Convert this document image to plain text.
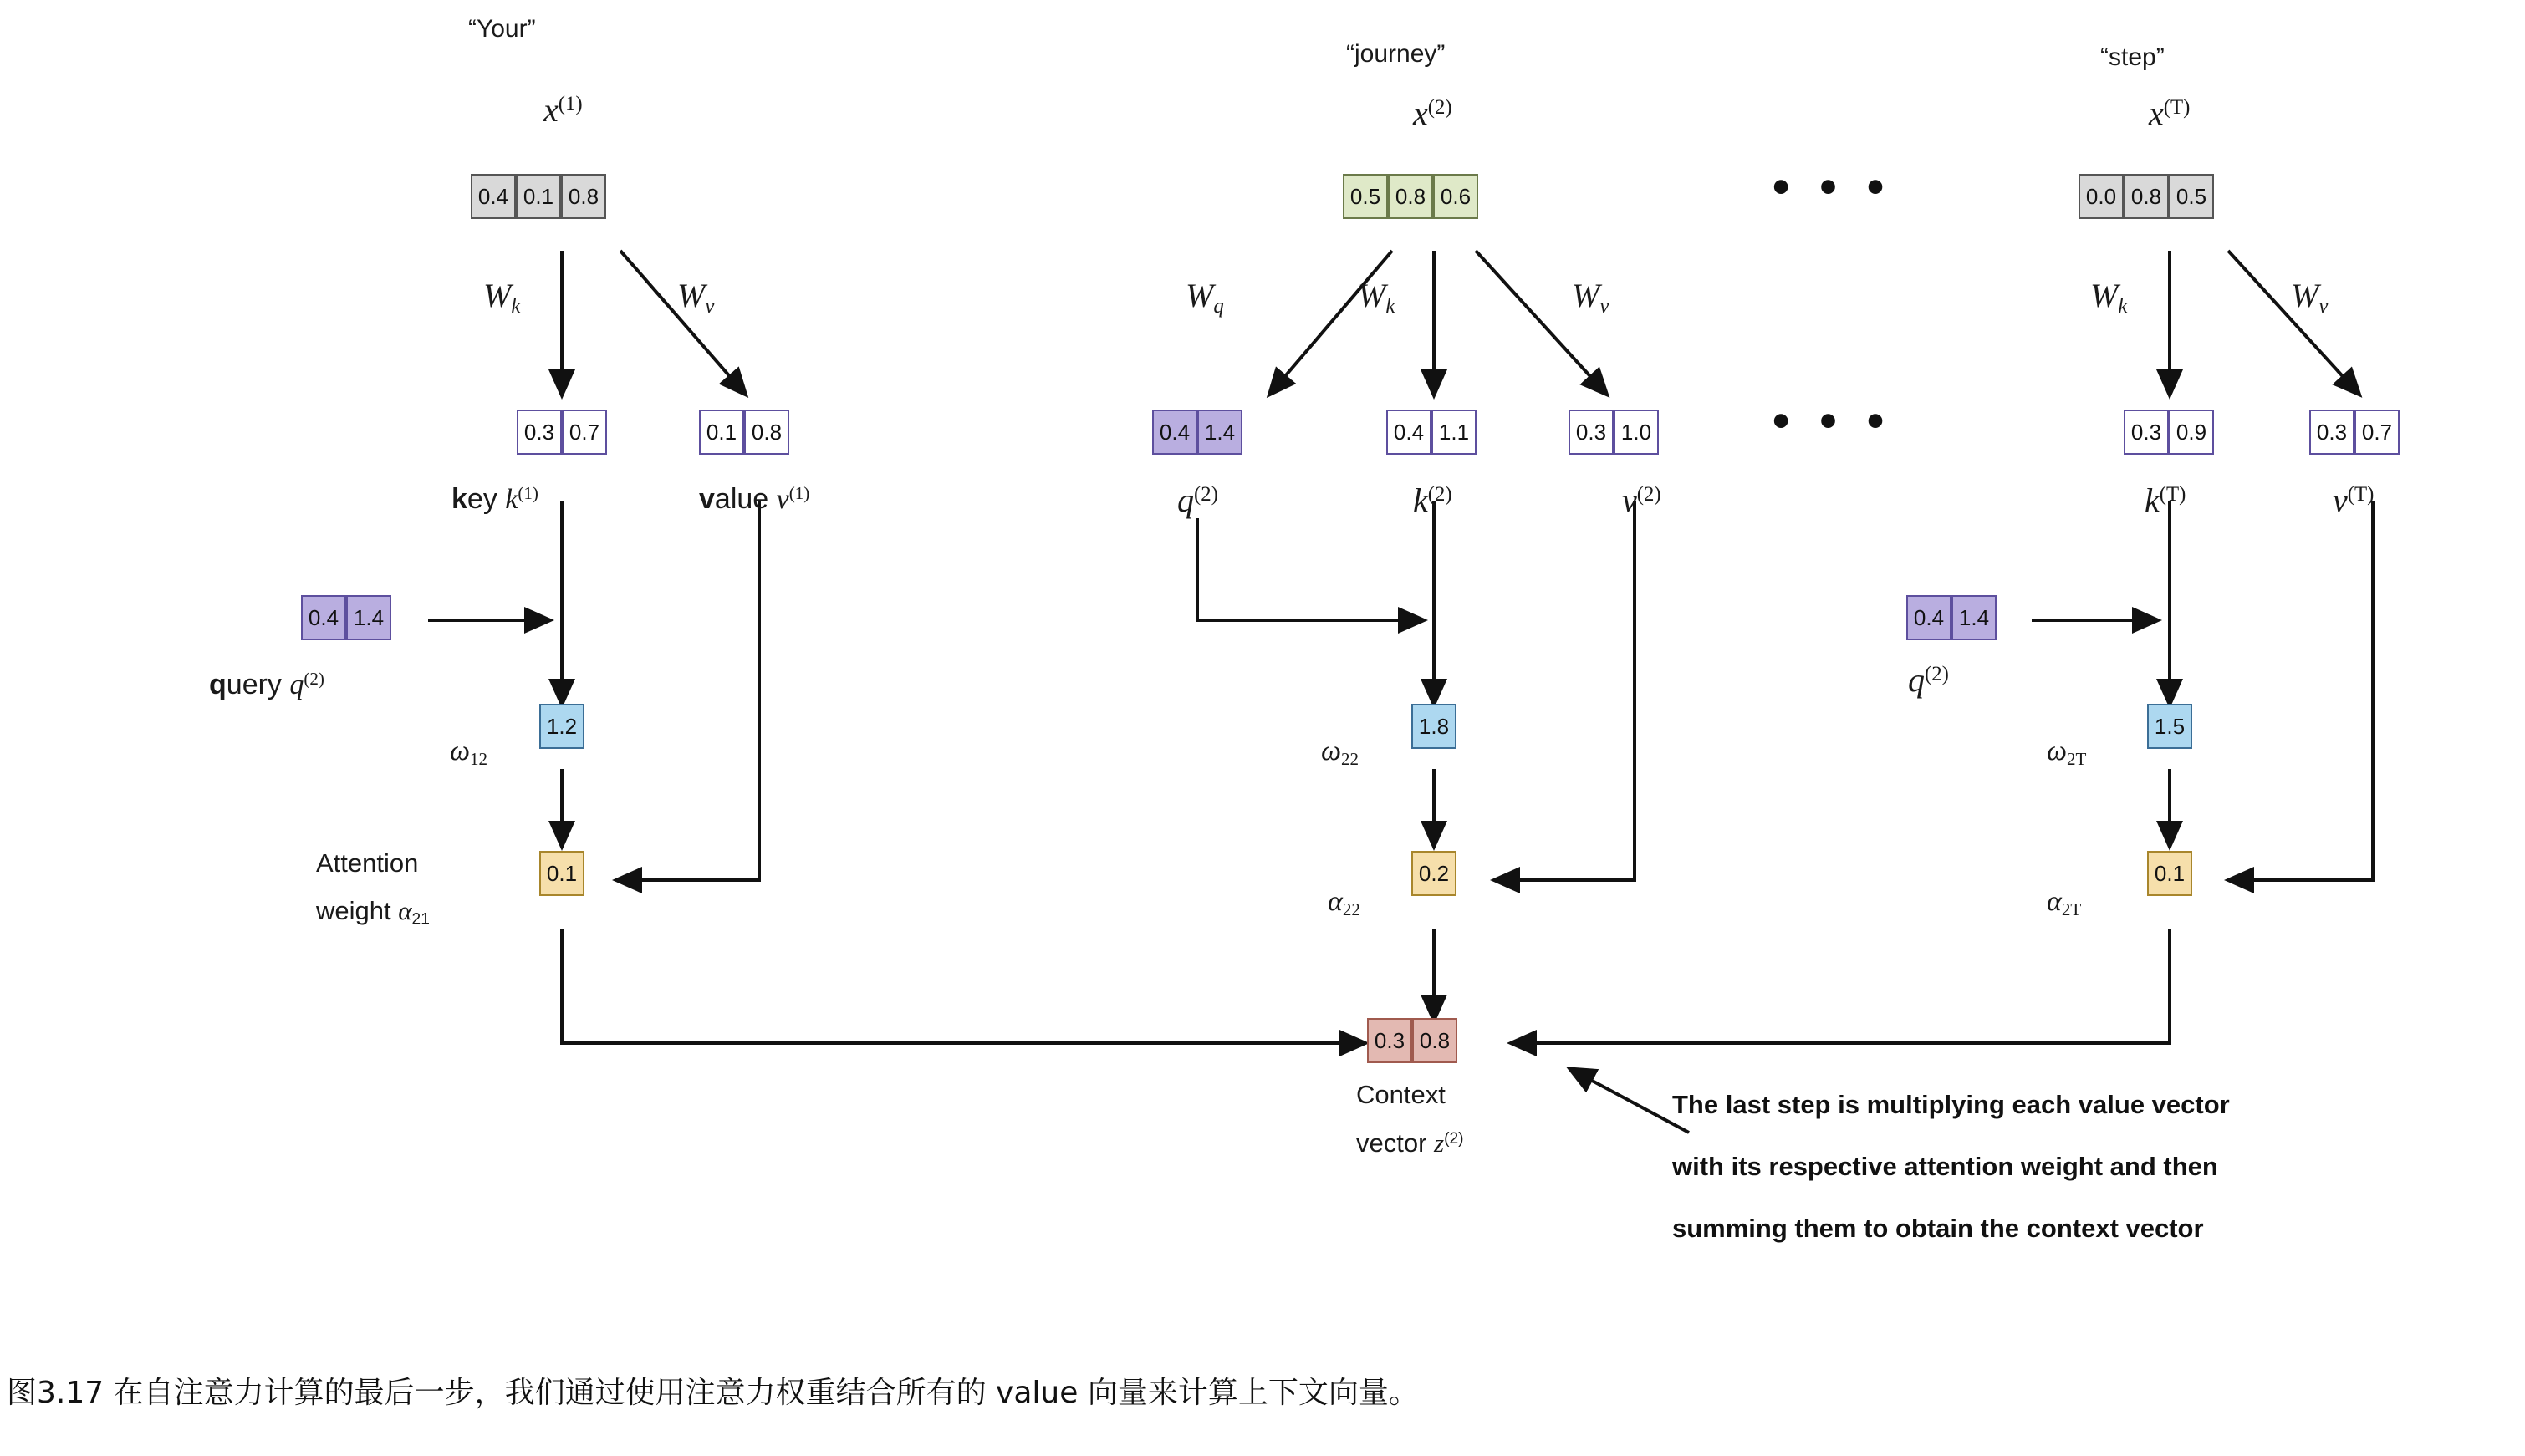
“Your”
$x^{(1)}$
0.4 0.1 0.8
$W_k$	$W_v$
0.3 0.7	0.1 0.8
key $k^{(1)}$	value $v^{(1)}$
0.4 1.4
query $q^{(2)}$
$\omega_{12}$
1.2
Attention
weight $\alpha_{21}$
0.1
• • •
• • •
“journey”
$x^{(2)}$
0.5 0.8 0.6
$W_q$	$W_k$	$W_v$
0.4 1.4	0.4 1.1	0.3 1.0
$q^{(2)}$	$k^{(2)}$	$v^{(2)}$
$\omega_{22}$
1.8
$\alpha_{22}$
0.2
“step”
$x^{(T)}$
0.0 0.8 0.5
$W_k$	$W_v$
0.3 0.9	0.3 0.7
$k^{(T)}$	$v^{(T)}$
0.4 1.4
$q^{(2)}$
$\omega_{2T}$
1.5
$\alpha_{2T}$
0.1
0.3 0.8
Context
vector $z^{(2)}$
The last step is multiplying each value vector
with its respective attention weight and then
summing them to obtain the context vector
图3.17 在自注意力计算的最后一步，我们通过使用注意力权重结合所有的 value 向量来计算上下文向量。
